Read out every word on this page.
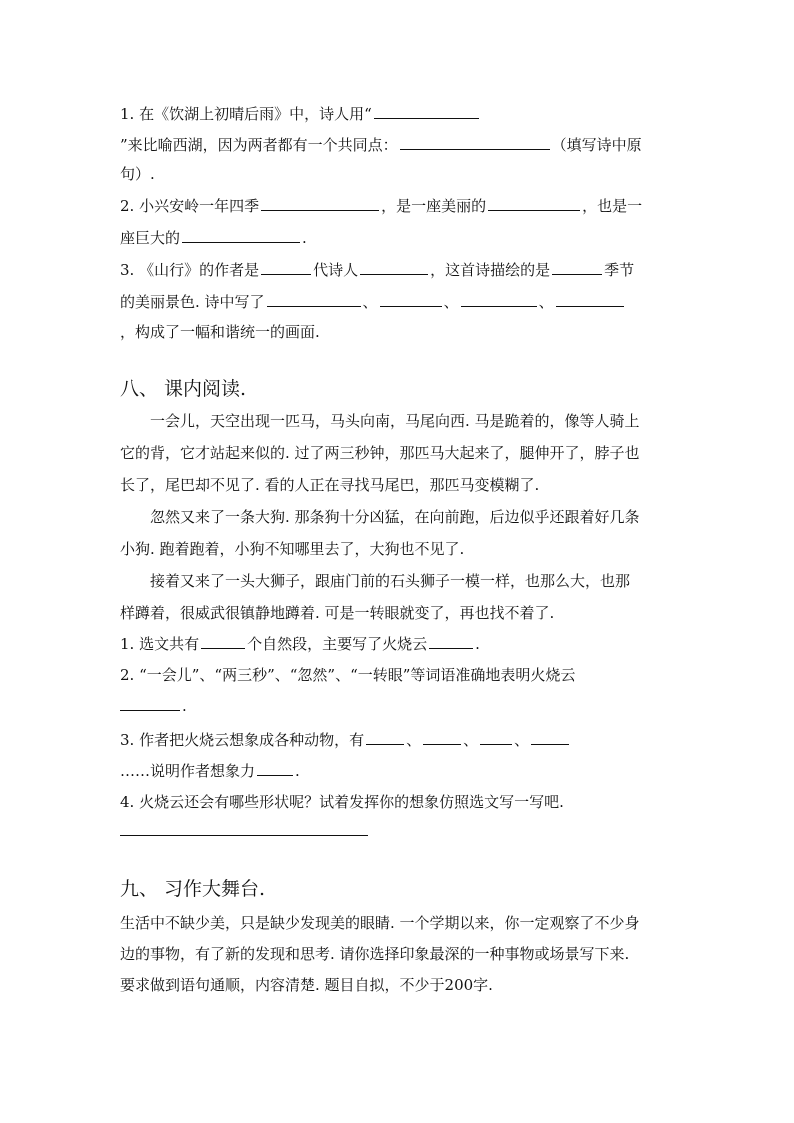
1. 在《饮湖上初晴后雨》中，诗人用“
”来比喻西湖，因为两者都有一个共同点：	（填写诗中原
句）.
2. 小兴安岭一年四季	，是一座美丽的	，也是一
座巨大的	.
3. 《山行》的作者是	代诗人	，这首诗描绘的是	季节
的美丽景色. 诗中写了	、	、	、
，构成了一幅和谐统一的画面.
八、 课内阅读.
一会儿，天空出现一匹马，马头向南，马尾向西. 马是跪着的，像等人骑上
它的背，它才站起来似的. 过了两三秒钟，那匹马大起来了，腿伸开了，脖子也
长了，尾巴却不见了. 看的人正在寻找马尾巴，那匹马变模糊了.
忽然又来了一条大狗. 那条狗十分凶猛，在向前跑，后边似乎还跟着好几条
小狗. 跑着跑着，小狗不知哪里去了，大狗也不见了.
接着又来了一头大狮子，跟庙门前的石头狮子一模一样，也那么大，也那
样蹲着，很威武很镇静地蹲着. 可是一转眼就变了，再也找不着了.
1. 选文共有	个自然段，主要写了火烧云	.
2. “一会儿”、“两三秒”、“忽然”、“一转眼”等词语准确地表明火烧云
.
3. 作者把火烧云想象成各种动物，有	、	、 、
……说明作者想象力	.
4. 火烧云还会有哪些形状呢？试着发挥你的想象仿照选文写一写吧.
九、 习作大舞台.
生活中不缺少美，只是缺少发现美的眼睛. 一个学期以来，你一定观察了不少身
边的事物，有了新的发现和思考. 请你选择印象最深的一种事物或场景写下来.
要求做到语句通顺，内容清楚. 题目自拟，不少于200字.
